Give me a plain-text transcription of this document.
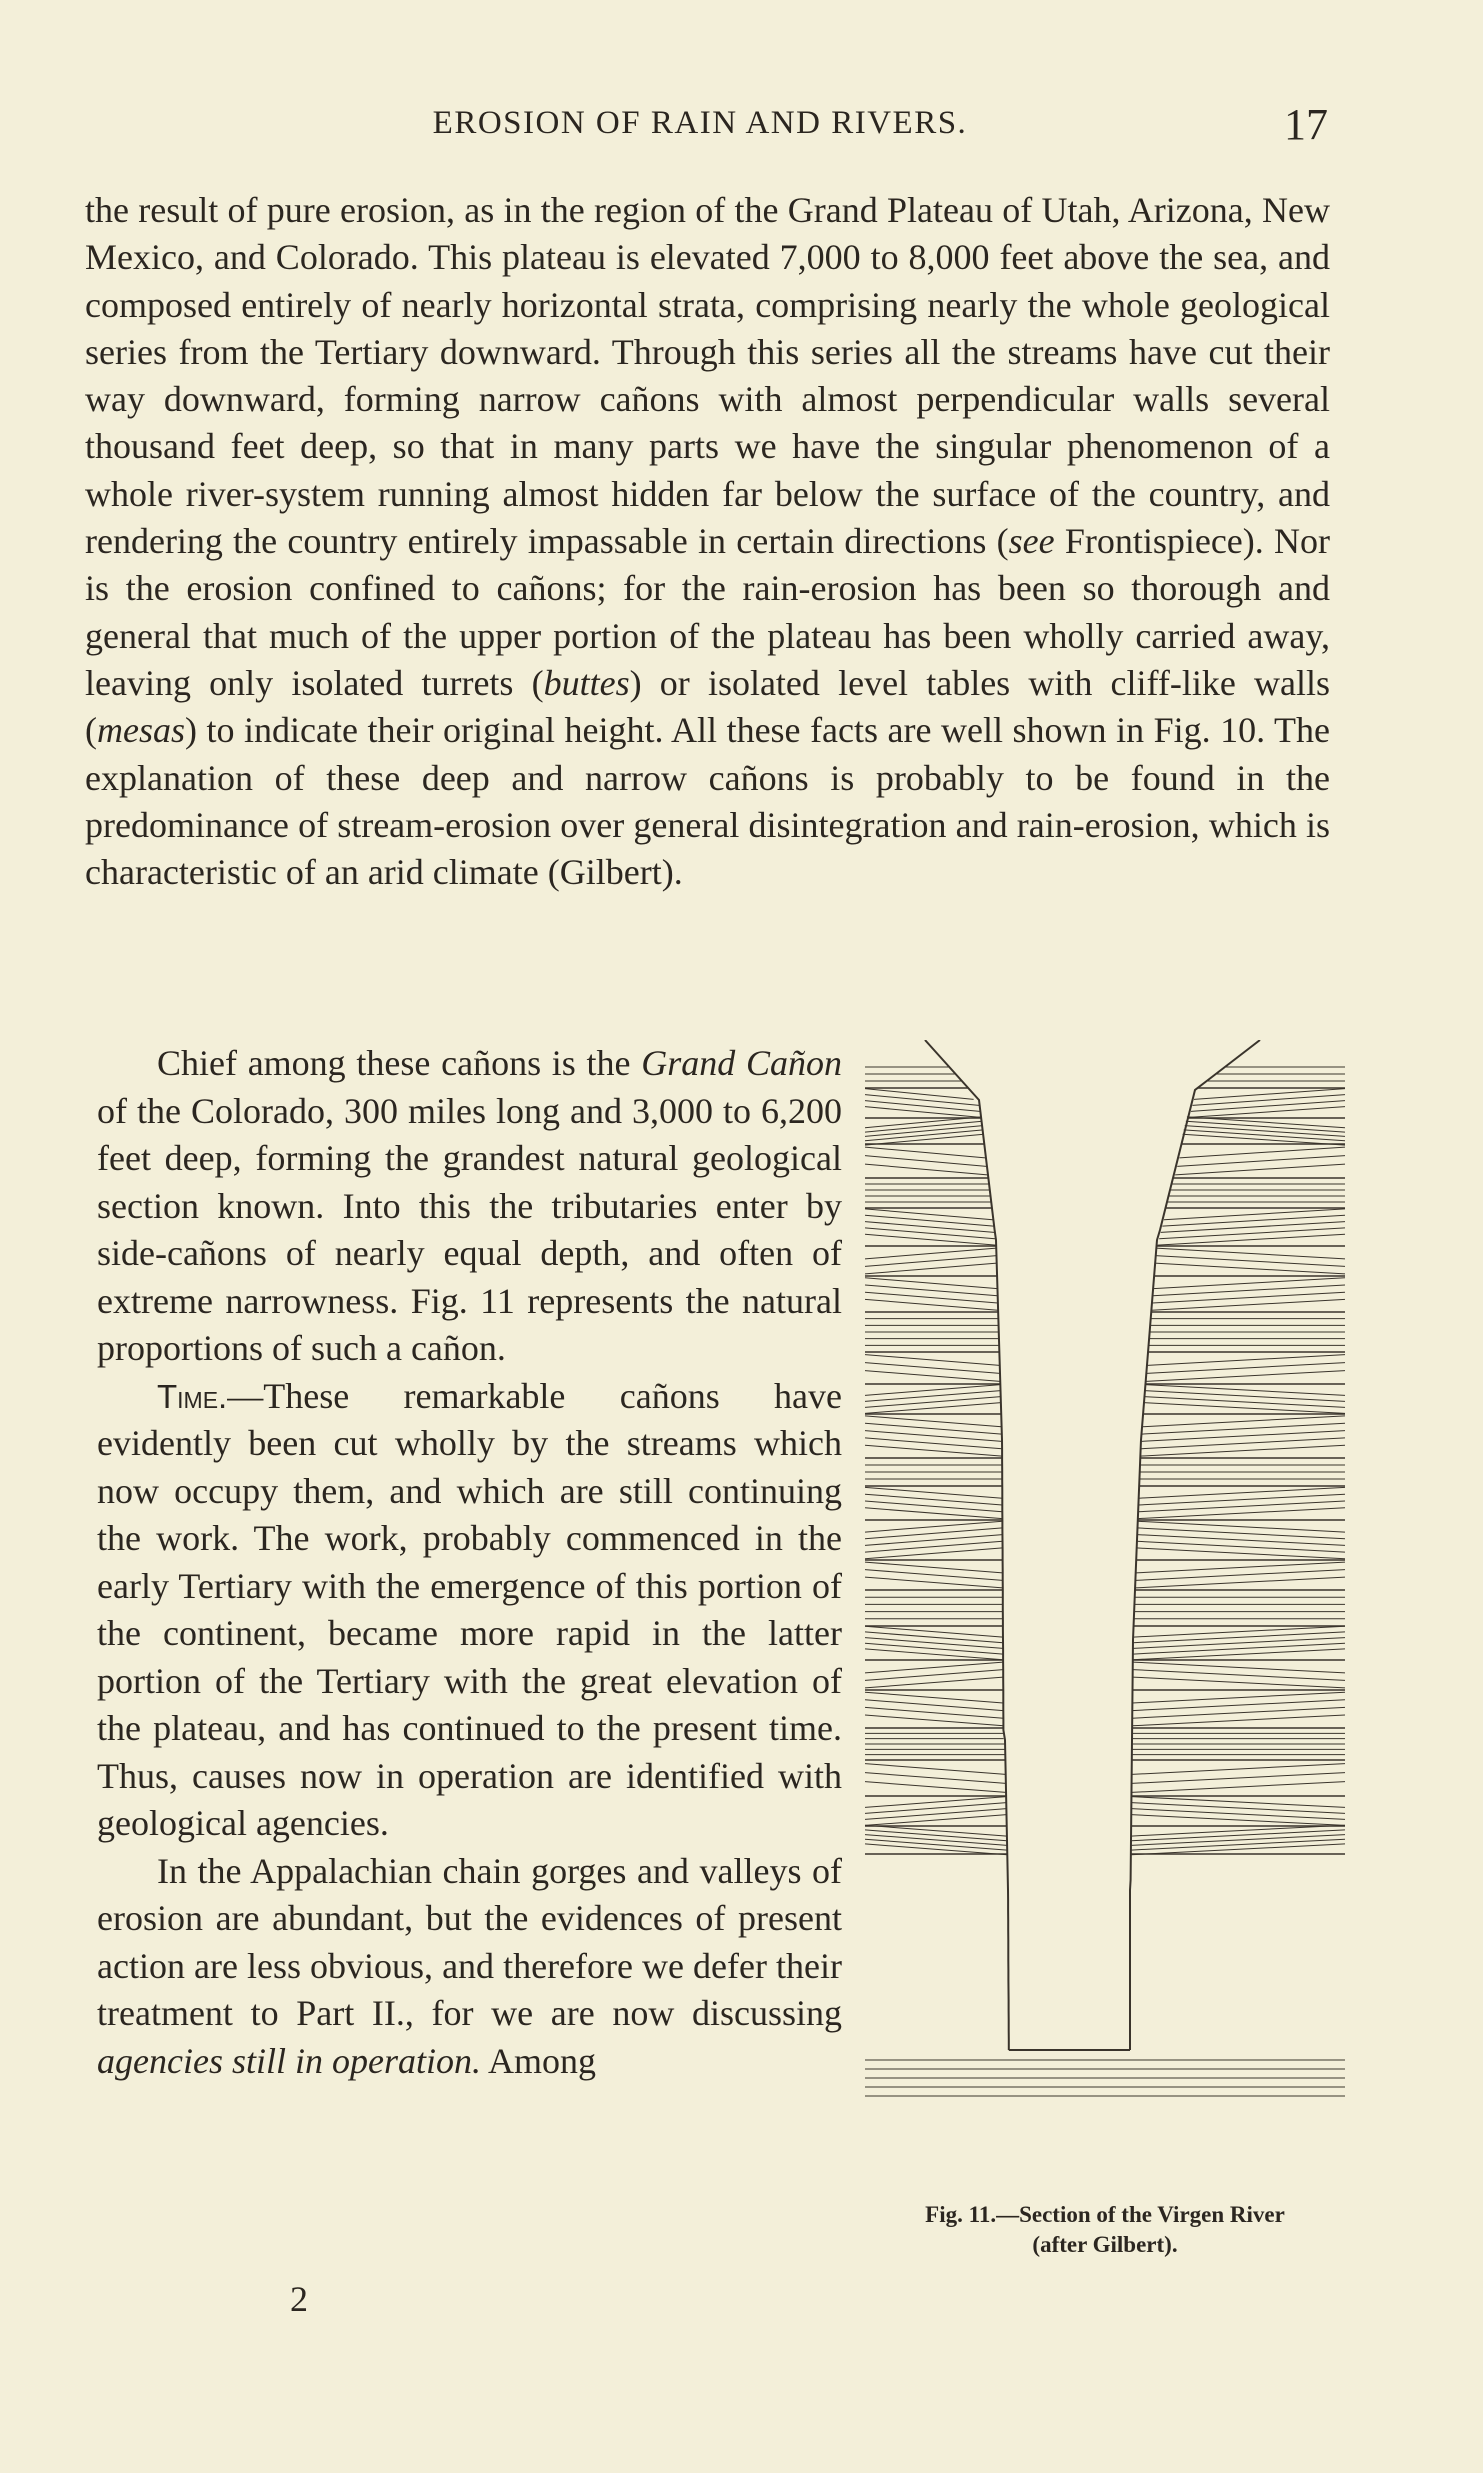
EROSION OF RAIN AND RIVERS.	17
the result of pure erosion, as in the region of the Grand Plateau of Utah, Arizona, New Mexico, and Colorado. This plateau is elevated 7,000 to 8,000 feet above the sea, and composed entirely of nearly horizontal strata, comprising nearly the whole geological series from the Tertiary downward. Through this series all the streams have cut their way downward, forming narrow cañons with almost perpendicular walls several thousand feet deep, so that in many parts we have the singular phenomenon of a whole river-system running almost hidden far below the surface of the country, and rendering the country entirely impassable in certain directions (see Frontispiece). Nor is the erosion confined to cañons; for the rain-erosion has been so thorough and general that much of the upper portion of the plateau has been wholly carried away, leaving only isolated turrets (buttes) or isolated level tables with cliff-like walls (mesas) to indicate their original height. All these facts are well shown in Fig. 10. The explanation of these deep and narrow cañons is probably to be found in the predominance of stream-erosion over general disintegration and rain-erosion, which is characteristic of an arid climate (Gilbert).

Chief among these cañons is the Grand Cañon of the Colorado, 300 miles long and 3,000 to 6,200 feet deep, forming the grandest natural geological section known. Into this the tributaries enter by side-cañons of nearly equal depth, and often of extreme narrowness. Fig. 11 represents the natural proportions of such a cañon.

Time.—These remarkable cañons have evidently been cut wholly by the streams which now occupy them, and which are still continuing the work. The work, probably commenced in the early Tertiary with the emergence of this portion of the continent, became more rapid in the latter portion of the Tertiary with the great elevation of the plateau, and has continued to the present time. Thus, causes now in operation are identified with geological agencies.

In the Appalachian chain gorges and valleys of erosion are abundant, but the evidences of present action are less obvious, and therefore we defer their treatment to Part II., for we are now discussing agencies still in operation. Among

Fig. 11.—Section of the Virgen River
(after Gilbert).
2
